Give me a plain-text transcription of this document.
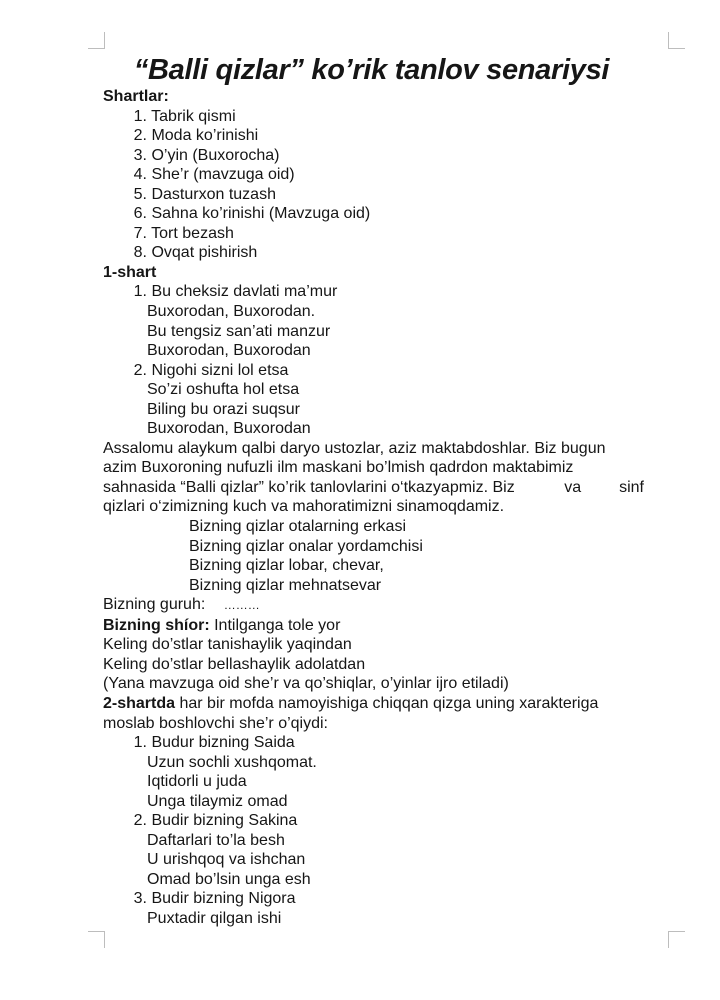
“Balli qizlar” ko’rik tanlov senariysi
Shartlar:
1. Tabrik qismi
2. Moda ko’rinishi
3. O’yin (Buxorocha)
4. She’r (mavzuga oid)
5. Dasturxon tuzash
6. Sahna ko’rinishi (Mavzuga oid)
7. Tort bezash
8. Ovqat pishirish
1-shart
1. Bu cheksiz davlati ma’mur
Buxorodan, Buxorodan.
Bu tengsiz san’ati manzur
Buxorodan, Buxorodan
2. Nigohi sizni lol etsa
So’zi oshufta hol etsa
Biling bu orazi suqsur
Buxorodan, Buxorodan
Assalomu alaykum qalbi daryo ustozlar, aziz maktabdoshlar. Biz bugun
azim Buxoroning nufuzli ilm maskani bo’lmish qadrdon maktabimiz
sahnasida “Balli qizlar” ko’rik tanlovlarini o‘tkazyapmiz. Biz	va sinf
qizlari o‘zimizning kuch va mahoratimizni sinamoqdamiz.
Bizning qizlar otalarning erkasi
Bizning qizlar onalar yordamchisi
Bizning qizlar lobar, chevar,
Bizning qizlar mehnatsevar
Bizning guruh: ………
Bizning shíor: Intilganga tole yor
Keling do’stlar tanishaylik yaqindan
Keling do’stlar bellashaylik adolatdan
(Yana mavzuga oid she’r va qo’shiqlar, o’yinlar ijro etiladi)
2-shartda har bir mofda namoyishiga chiqqan qizga uning xarakteriga
moslab boshlovchi she’r o’qiydi:
1. Budur bizning Saida
Uzun sochli xushqomat.
Iqtidorli u juda
Unga tilaymiz omad
2. Budir bizning Sakina
Daftarlari to’la besh
U urishqoq va ishchan
Omad bo’lsin unga esh
3. Budir bizning Nigora
Puxtadir qilgan ishi
